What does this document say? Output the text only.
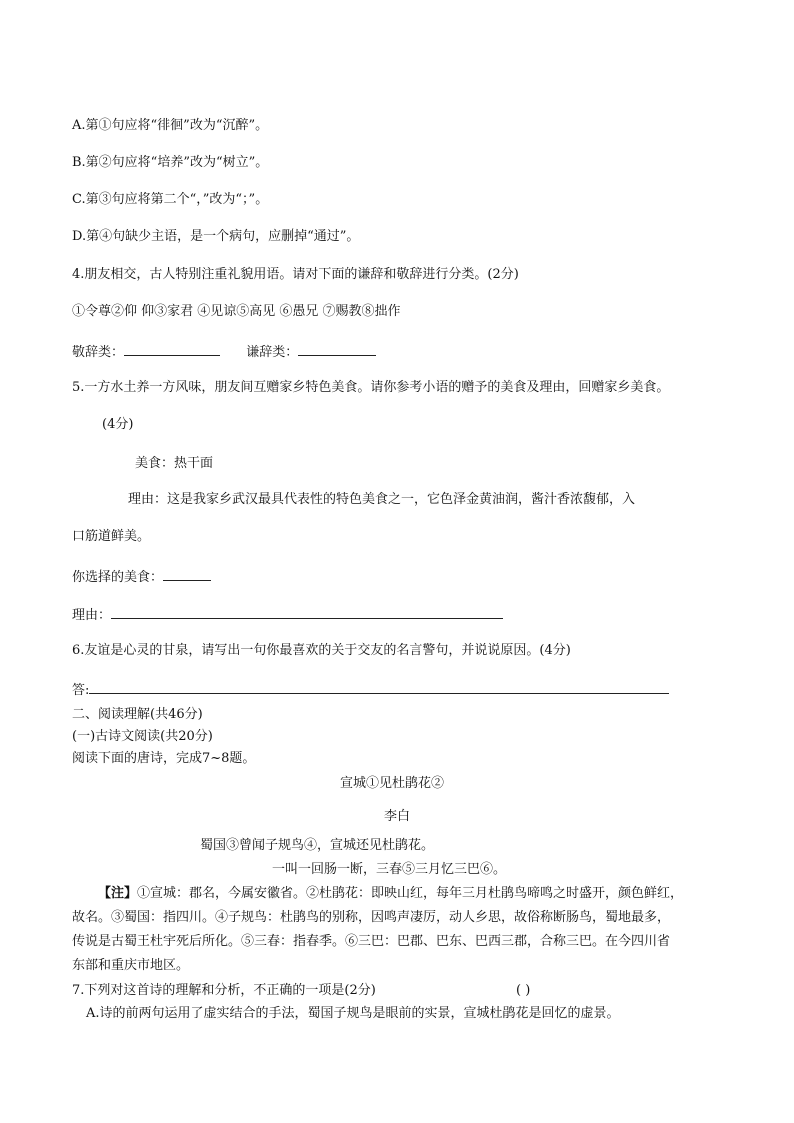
A.第①句应将“徘徊”改为“沉醉”。
B.第②句应将“培养”改为“树立”。
C.第③句应将第二个“，”改为“；”。
D.第④句缺少主语，是一个病句，应删掉“通过”。
4.朋友相交，古人特别注重礼貌用语。请对下面的谦辞和敬辞进行分类。(2分)
①令尊②仰 仰③家君 ④见谅⑤高见 ⑥愚兄 ⑦赐教⑧拙作
敬辞类：	谦辞类：
5.一方水土养一方风味，朋友间互赠家乡特色美食。请你参考小语的赠予的美食及理由，回赠家乡美食。
(4分)
美食：热干面
理由：这是我家乡武汉最具代表性的特色美食之一，它色泽金黄油润，酱汁香浓馥郁，入
口筋道鲜美。
你选择的美食：
理由：
6.友谊是心灵的甘泉，请写出一句你最喜欢的关于交友的名言警句，并说说原因。(4分)
答:
二、阅读理解(共46分)
(一)古诗文阅读(共20分)
阅读下面的唐诗，完成7~8题。
宣城①见杜鹃花②
李白
蜀国③曾闻子规鸟④，宣城还见杜鹃花。
一叫一回肠一断，三春⑤三月忆三巴⑥。
【注】①宣城：郡名，今属安徽省。②杜鹃花：即映山红，每年三月杜鹃鸟啼鸣之时盛开，颜色鲜红，
故名。③蜀国：指四川。④子规鸟：杜鹃鸟的别称，因鸣声凄厉，动人乡思，故俗称断肠鸟，蜀地最多，
传说是古蜀王杜宇死后所化。⑤三春：指春季。⑥三巴：巴郡、巴东、巴西三郡，合称三巴。在今四川省
东部和重庆市地区。
7.下列对这首诗的理解和分析，不正确的一项是(2分)	( )
A.诗的前两句运用了虚实结合的手法，蜀国子规鸟是眼前的实景，宣城杜鹃花是回忆的虚景。
